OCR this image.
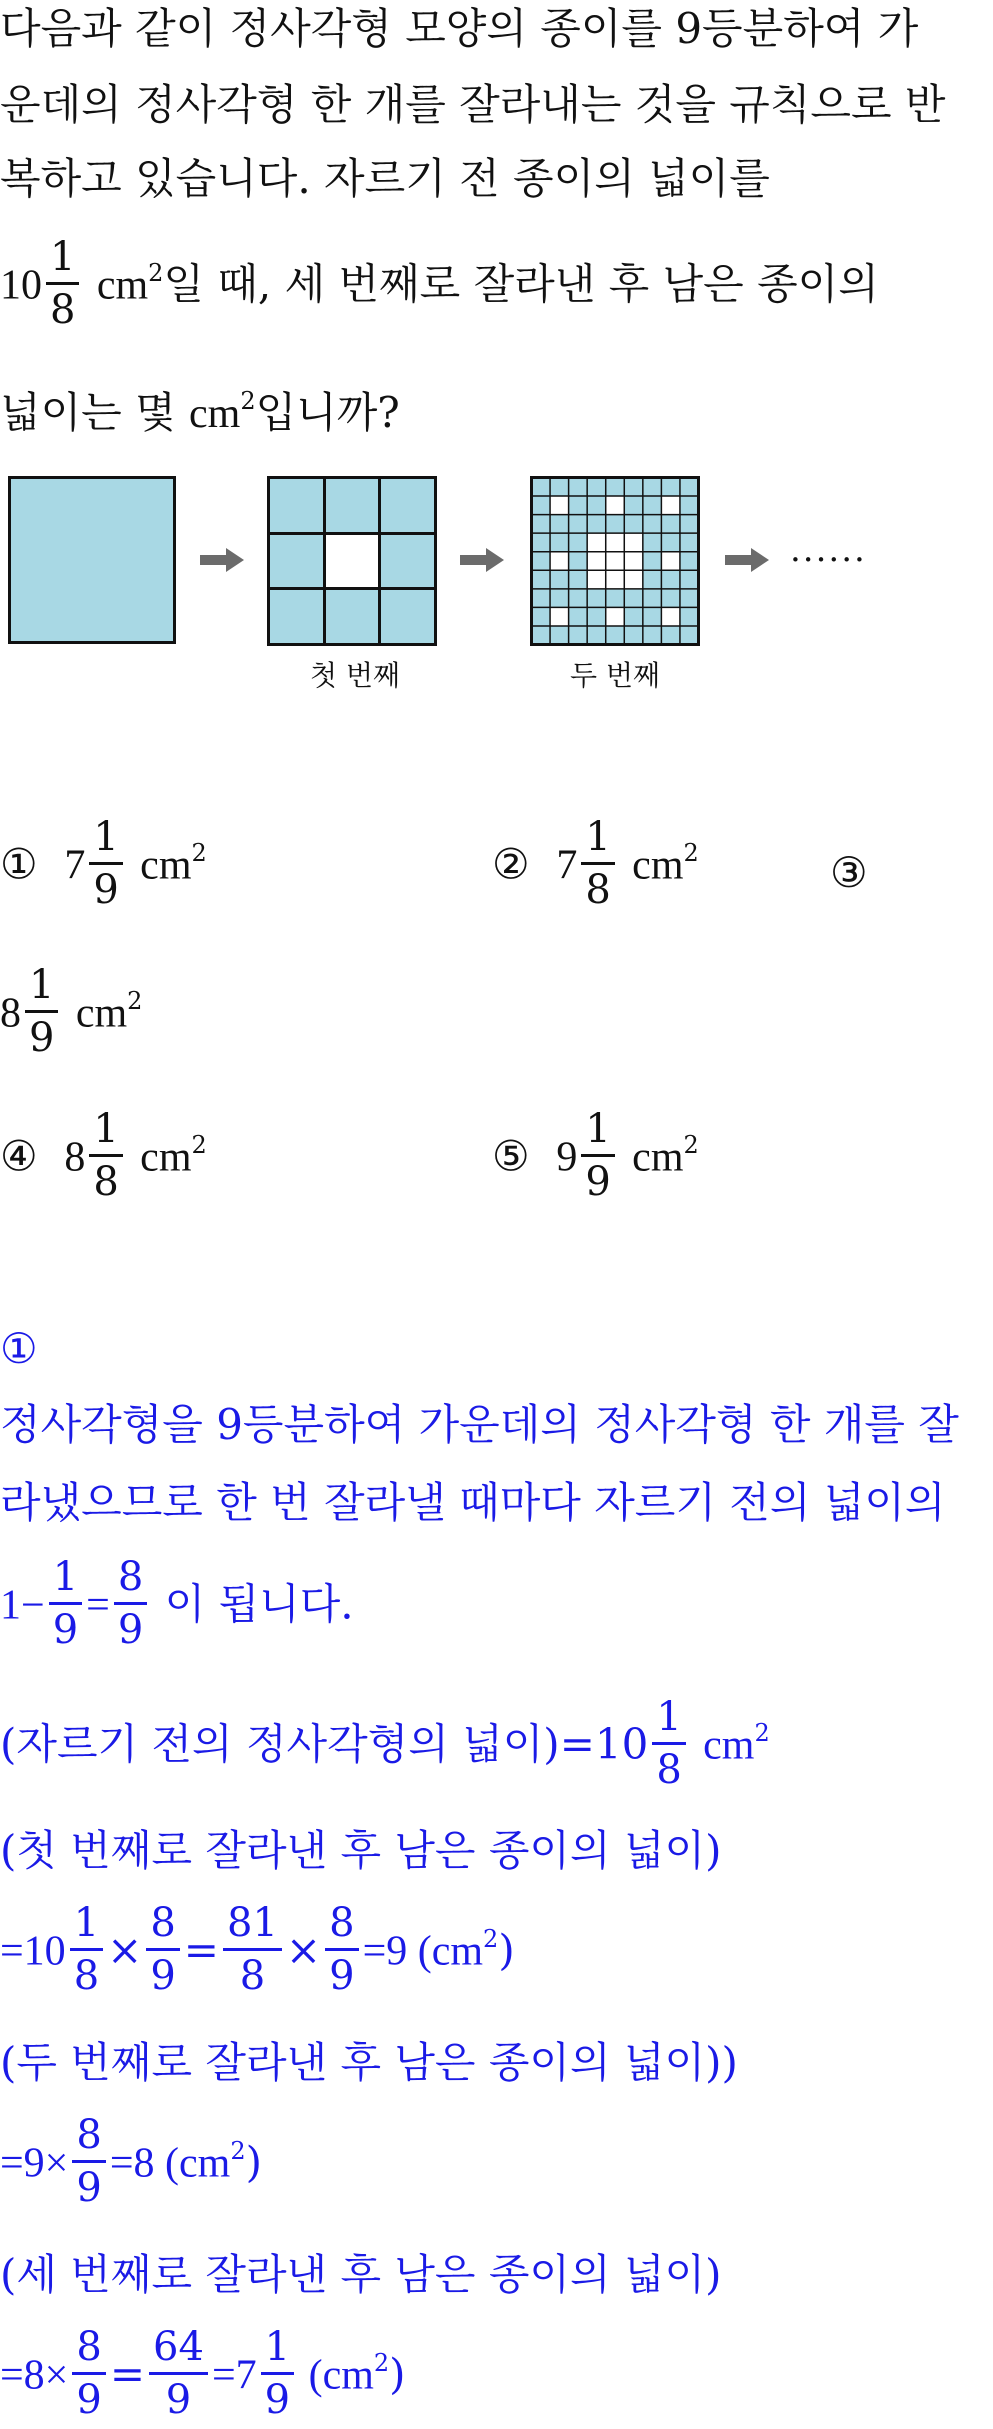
다음과 같이 정사각형 모양의 종이를 9등분하여 가
운데의 정사각형 한 개를 잘라내는 것을 규칙으로 반
복하고 있습니다. 자르기 전 종이의 넓이를
$10 \frac{1}{8} cm^2$일 때, 세 번째로 잘라낸 후 남은 종이의
넓이는 몇 $cm^2$입니까?
첫 번째	두 번째
......
① $7 \frac{1}{9} cm^2$	② $7 \frac{1}{8} cm^2$	③
$8 \frac{1}{9} cm^2$
④ $8 \frac{1}{8} cm^2$	⑤ $9 \frac{1}{9} cm^2$
①
정사각형을 9등분하여 가운데의 정사각형 한 개를 잘
라냈으므로 한 번 잘라낼 때마다 자르기 전의 넓이의
$1- \frac{1}{9} = \frac{8}{9}$ 이 됩니다.
(자르기 전의 정사각형의 넓이)$=10 \frac{1}{8} cm^2$
(첫 번째로 잘라낸 후 남은 종이의 넓이)
$=10 \frac{1}{8} \times \frac{8}{9} = \frac{81}{8} \times \frac{8}{9} =9$ $(cm^2)$
(두 번째로 잘라낸 후 남은 종이의 넓이))
$=9\times \frac{8}{9} =8$ $(cm^2)$
(세 번째로 잘라낸 후 남은 종이의 넓이)
$=8\times \frac{8}{9} = \frac{64}{9} =7 \frac{1}{9} (cm^2)$
